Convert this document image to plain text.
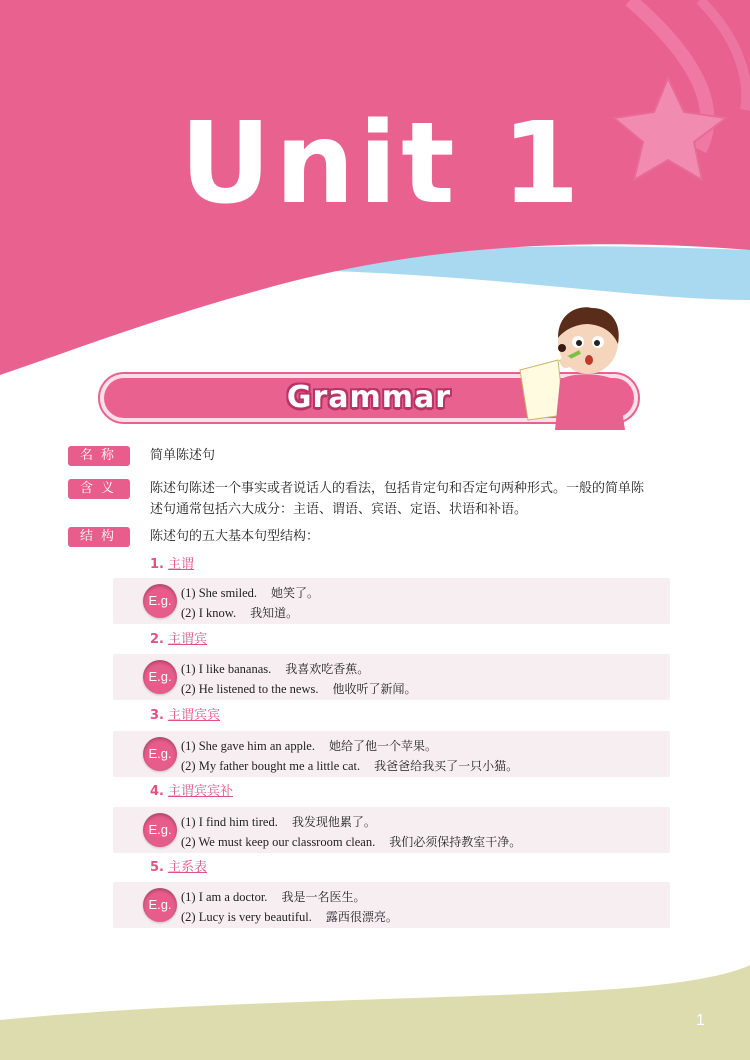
Unit 1
Grammar
名称	简单陈述句
含义	陈述句陈述一个事实或者说话人的看法，包括肯定句和否定句两种形式。一般的简单陈
述句通常包括六大成分：主语、谓语、宾语、定语、状语和补语。
结构	陈述句的五大基本句型结构：
1. 主谓
E.g. (1) She smiled. 她笑了。
(2) I know. 我知道。
2. 主谓宾
E.g. (1) I like bananas. 我喜欢吃香蕉。
(2) He listened to the news. 他收听了新闻。
3. 主谓宾宾
E.g. (1) She gave him an apple. 她给了他一个苹果。
(2) My father bought me a little cat. 我爸爸给我买了一只小猫。
4. 主谓宾宾补
E.g. (1) I find him tired. 我发现他累了。
(2) We must keep our classroom clean. 我们必须保持教室干净。
5. 主系表
E.g. (1) I am a doctor. 我是一名医生。
(2) Lucy is very beautiful. 露西很漂亮。
1
